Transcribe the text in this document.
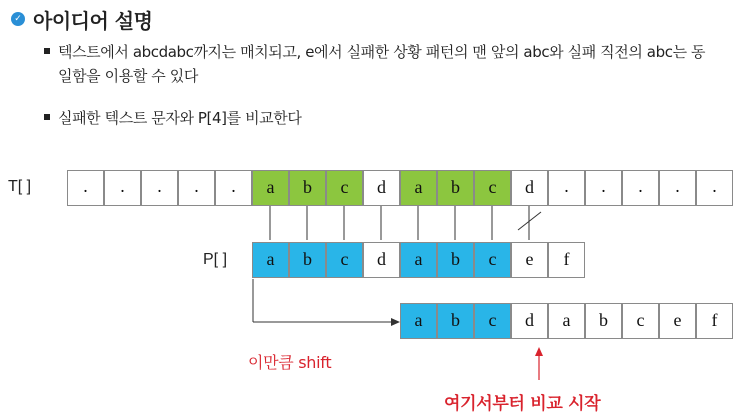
✓ 아이디어 설명
텍스트에서 abcdabc까지는 매치되고, e에서 실패한 상황 패턴의 맨 앞의 abc와 실패 직전의 abc는 동일함을 이용할 수 있다
실패한 텍스트 문자와 P[4]를 비교한다
T[ ]
P[ ]
.	.	.	.	.	a	b	c	d	a	b	c	d	.	.	.	.	.
a	b	c	d	a	b	c	e	f
a	b	c	d	a	b	c	e	f
이만큼 shift
여기서부터 비교 시작
